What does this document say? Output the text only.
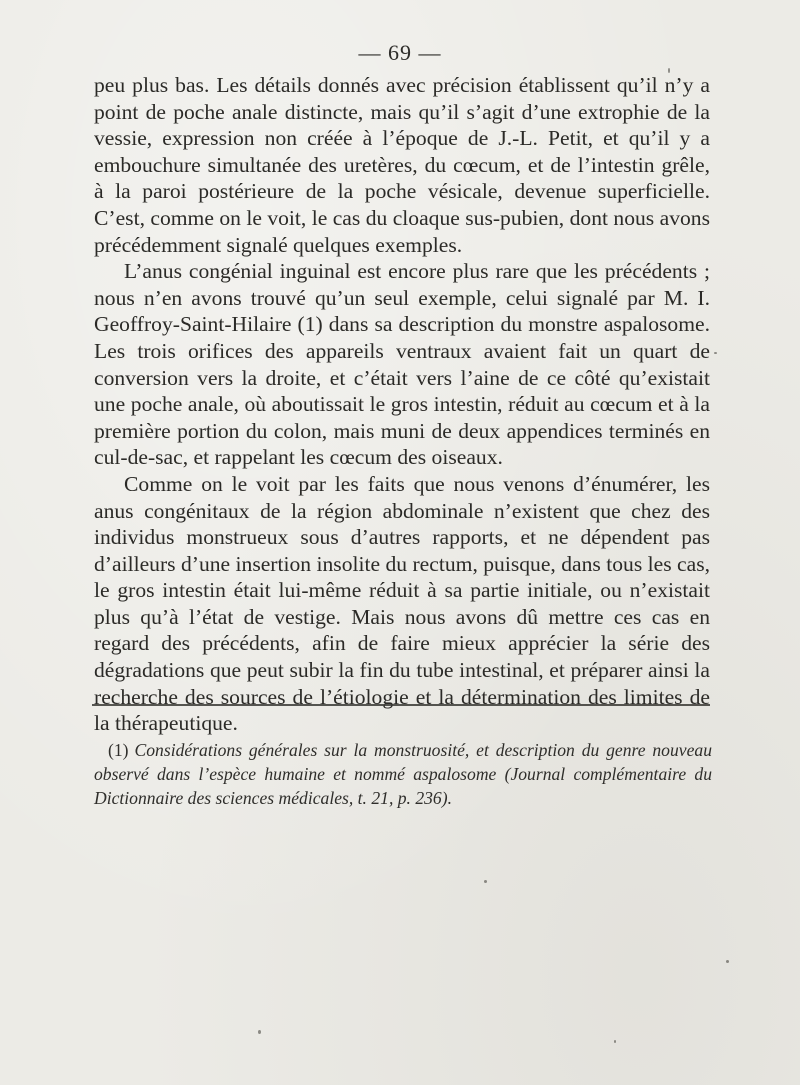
— 69 —

peu plus bas. Les détails donnés avec précision établissent qu’il n’y a point de poche anale distincte, mais qu’il s’agit d’une extrophie de la vessie, expression non créée à l’époque de J.-L. Petit, et qu’il y a embouchure simultanée des uretères, du cœcum, et de l’intestin grêle, à la paroi postérieure de la poche vésicale, devenue superficielle. C’est, comme on le voit, le cas du cloaque sus-pubien, dont nous avons précédemment signalé quelques exemples.

L’anus congénial inguinal est encore plus rare que les précédents ; nous n’en avons trouvé qu’un seul exemple, celui signalé par M. I. Geoffroy-Saint-Hilaire (1) dans sa description du monstre aspalosome. Les trois orifices des appareils ventraux avaient fait un quart de conversion vers la droite, et c’était vers l’aine de ce côté qu’existait une poche anale, où aboutissait le gros intestin, réduit au cœcum et à la première portion du colon, mais muni de deux appendices terminés en cul-de-sac, et rappelant les cœcum des oiseaux.

Comme on le voit par les faits que nous venons d’énumérer, les anus congénitaux de la région abdominale n’existent que chez des individus monstrueux sous d’autres rapports, et ne dépendent pas d’ailleurs d’une insertion insolite du rectum, puisque, dans tous les cas, le gros intestin était lui-même réduit à sa partie initiale, ou n’existait plus qu’à l’état de vestige. Mais nous avons dû mettre ces cas en regard des précédents, afin de faire mieux apprécier la série des dégradations que peut subir la fin du tube intestinal, et préparer ainsi la recherche des sources de l’étiologie et la détermination des limites de la thérapeutique.

(1) Considérations générales sur la monstruosité, et description du genre nouveau observé dans l’espèce humaine et nommé aspalosome (Journal complémentaire du Dictionnaire des sciences médicales, t. 21, p. 236).
